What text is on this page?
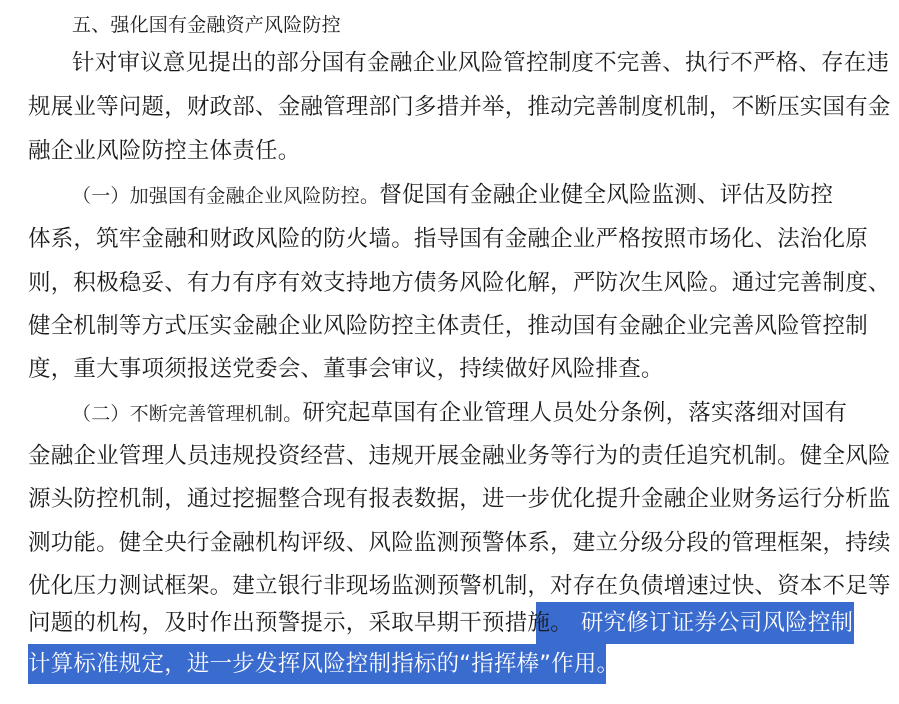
五、强化国有金融资产风险防控
针对审议意见提出的部分国有金融企业风险管控制度不完善、执行不严格、存在违
规展业等问题，财政部、金融管理部门多措并举，推动完善制度机制，不断压实国有金
融企业风险防控主体责任。
（一）加强国有金融企业风险防控。督促国有金融企业健全风险监测、评估及防控
体系，筑牢金融和财政风险的防火墙。指导国有金融企业严格按照市场化、法治化原
则，积极稳妥、有力有序有效支持地方债务风险化解，严防次生风险。通过完善制度、
健全机制等方式压实金融企业风险防控主体责任，推动国有金融企业完善风险管控制
度，重大事项须报送党委会、董事会审议，持续做好风险排查。
（二）不断完善管理机制。研究起草国有企业管理人员处分条例，落实落细对国有
金融企业管理人员违规投资经营、违规开展金融业务等行为的责任追究机制。健全风险
源头防控机制，通过挖掘整合现有报表数据，进一步优化提升金融企业财务运行分析监
测功能。健全央行金融机构评级、风险监测预警体系，建立分级分段的管理框架，持续
优化压力测试框架。建立银行非现场监测预警机制，对存在负债增速过快、资本不足等
问题的机构，及时作出预警提示，采取早期干预措施。 研究修订证券公司风险控制指标
计算标准规定，进一步发挥风险控制指标的“指挥棒”作用。
